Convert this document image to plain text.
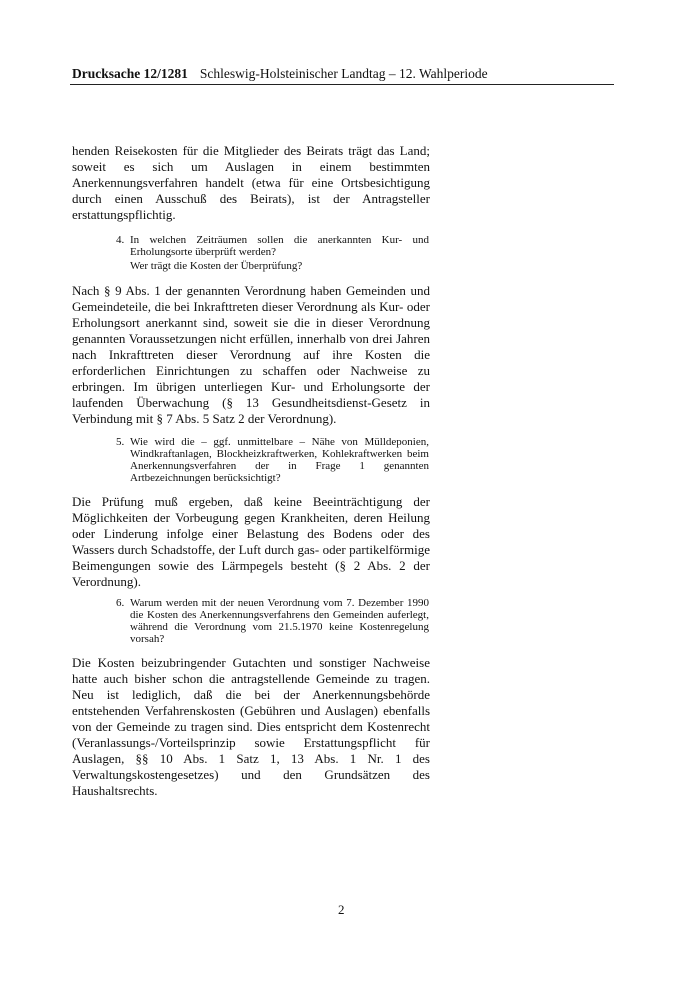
Drucksache 12/1281 Schleswig-Holsteinischer Landtag – 12. Wahlperiode
henden Reisekosten für die Mitglieder des Beirats trägt das Land; soweit es sich um Auslagen in einem bestimmten Anerkennungsverfahren handelt (etwa für eine Ortsbesichtigung durch einen Ausschuß des Beirats), ist der Antragsteller erstattungspflichtig.
4. In welchen Zeiträumen sollen die anerkannten Kur- und Erholungsorte überprüft werden?
Wer trägt die Kosten der Überprüfung?
Nach § 9 Abs. 1 der genannten Verordnung haben Gemeinden und Gemeindeteile, die bei Inkrafttreten dieser Verordnung als Kur- oder Erholungsort anerkannt sind, soweit sie die in dieser Verordnung genannten Voraussetzungen nicht erfüllen, innerhalb von drei Jahren nach Inkrafttreten dieser Verordnung auf ihre Kosten die erforderlichen Einrichtungen zu schaffen oder Nachweise zu erbringen. Im übrigen unterliegen Kur- und Erholungsorte der laufenden Überwachung (§ 13 Gesundheitsdienst-Gesetz in Verbindung mit § 7 Abs. 5 Satz 2 der Verordnung).
5. Wie wird die – ggf. unmittelbare – Nähe von Mülldeponien, Windkraftanlagen, Blockheizkraftwerken, Kohlekraftwerken beim Anerkennungsverfahren der in Frage 1 genannten Artbezeichnungen berücksichtigt?
Die Prüfung muß ergeben, daß keine Beeinträchtigung der Möglichkeiten der Vorbeugung gegen Krankheiten, deren Heilung oder Linderung infolge einer Belastung des Bodens oder des Wassers durch Schadstoffe, der Luft durch gas- oder partikelförmige Beimengungen sowie des Lärmpegels besteht (§ 2 Abs. 2 der Verordnung).
6. Warum werden mit der neuen Verordnung vom 7. Dezember 1990 die Kosten des Anerkennungsverfahrens den Gemeinden auferlegt, während die Verordnung vom 21.5.1970 keine Kostenregelung vorsah?
Die Kosten beizubringender Gutachten und sonstiger Nachweise hatte auch bisher schon die antragstellende Gemeinde zu tragen. Neu ist lediglich, daß die bei der Anerkennungsbehörde entstehenden Verfahrenskosten (Gebühren und Auslagen) ebenfalls von der Gemeinde zu tragen sind. Dies entspricht dem Kostenrecht (Veranlassungs-/Vorteilsprinzip sowie Erstattungspflicht für Auslagen, §§ 10 Abs. 1 Satz 1, 13 Abs. 1 Nr. 1 des Verwaltungskostengesetzes) und den Grundsätzen des Haushaltsrechts.
2
